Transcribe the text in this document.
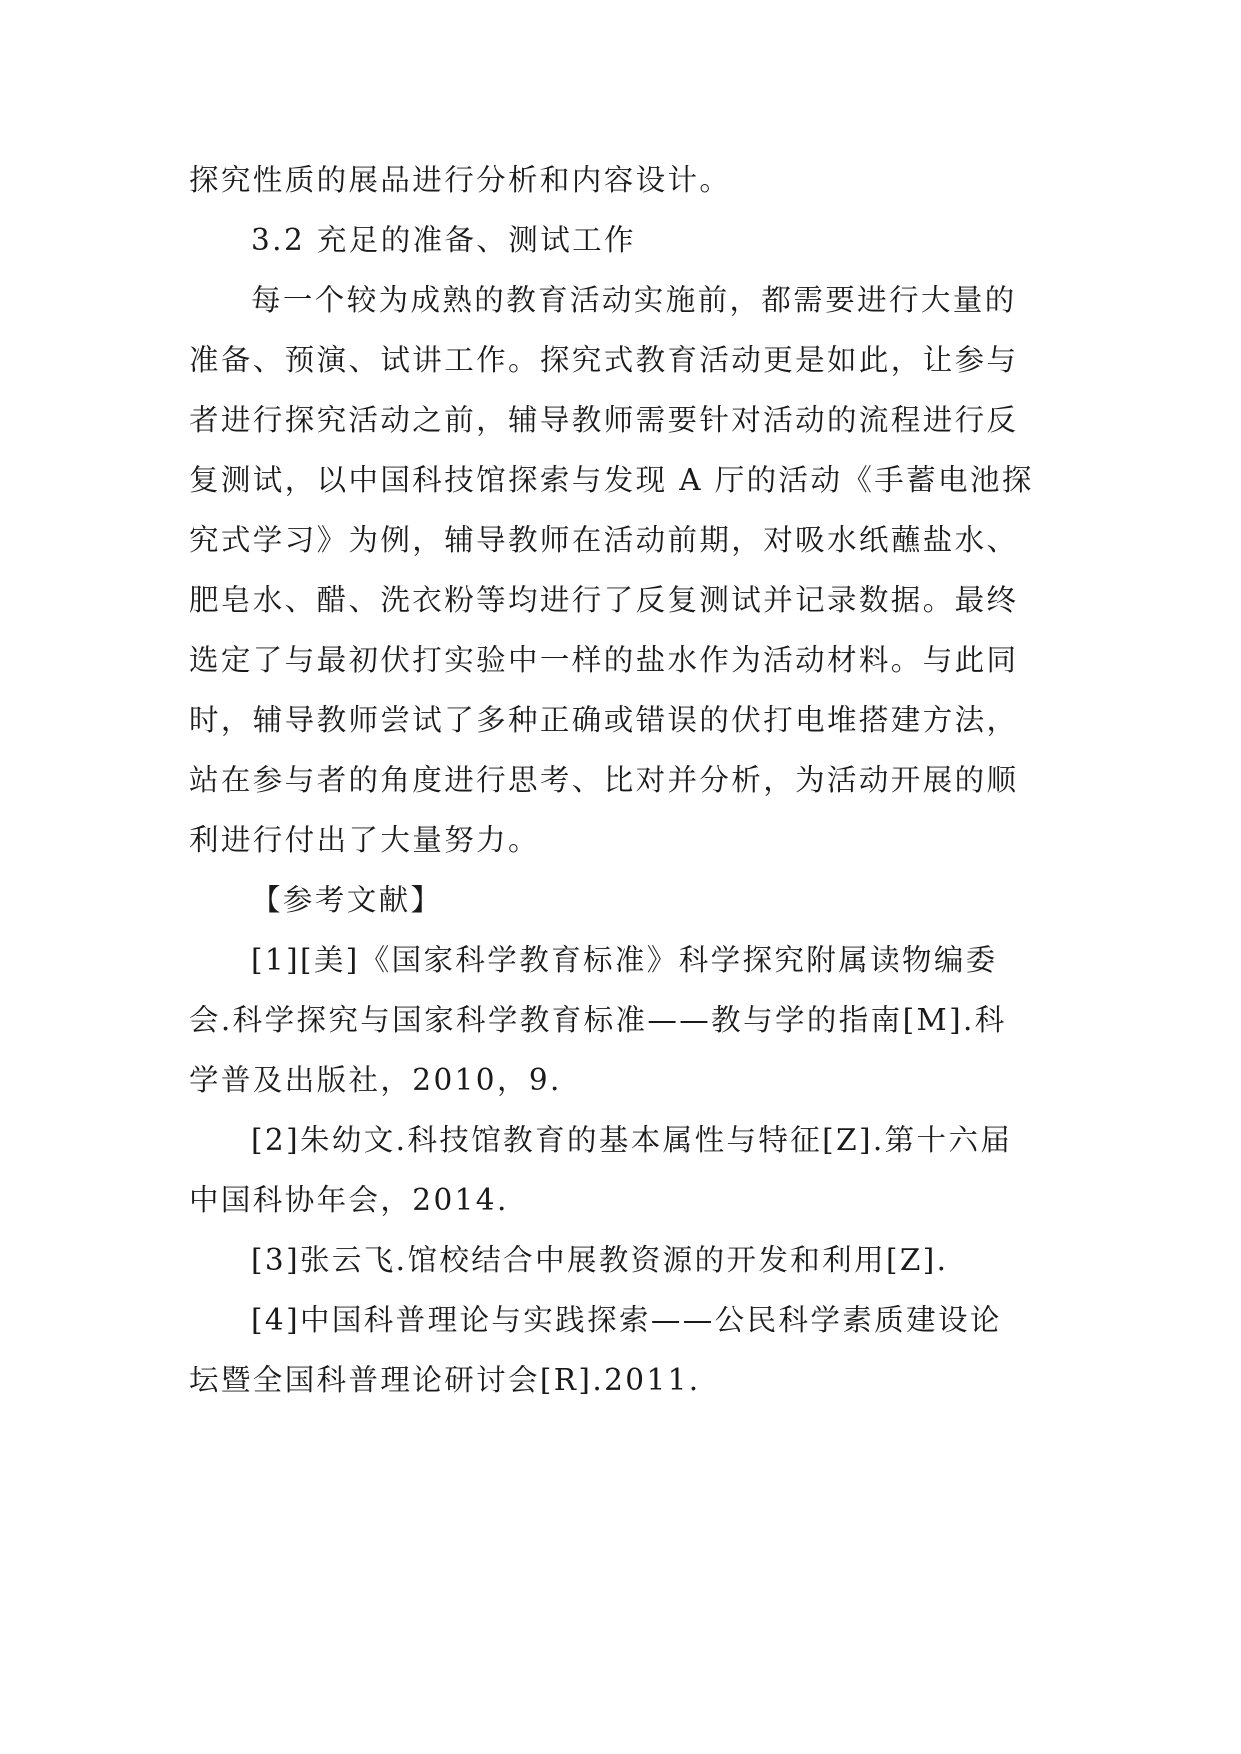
探究性质的展品进行分析和内容设计。
3.2 充足的准备、测试工作
每一个较为成熟的教育活动实施前，都需要进行大量的
准备、预演、试讲工作。探究式教育活动更是如此，让参与
者进行探究活动之前，辅导教师需要针对活动的流程进行反
复测试，以中国科技馆探索与发现 A 厅的活动《手蓄电池探
究式学习》为例，辅导教师在活动前期，对吸水纸蘸盐水、
肥皂水、醋、洗衣粉等均进行了反复测试并记录数据。最终
选定了与最初伏打实验中一样的盐水作为活动材料。与此同
时，辅导教师尝试了多种正确或错误的伏打电堆搭建方法，
站在参与者的角度进行思考、比对并分析，为活动开展的顺
利进行付出了大量努力。
【参考文献】
[1][美]《国家科学教育标准》科学探究附属读物编委
会.科学探究与国家科学教育标准——教与学的指南[M].科
学普及出版社，2010，9.
[2]朱幼文.科技馆教育的基本属性与特征[Z].第十六届
中国科协年会，2014.
[3]张云飞.馆校结合中展教资源的开发和利用[Z].
[4]中国科普理论与实践探索——公民科学素质建设论
坛暨全国科普理论研讨会[R].2011.
